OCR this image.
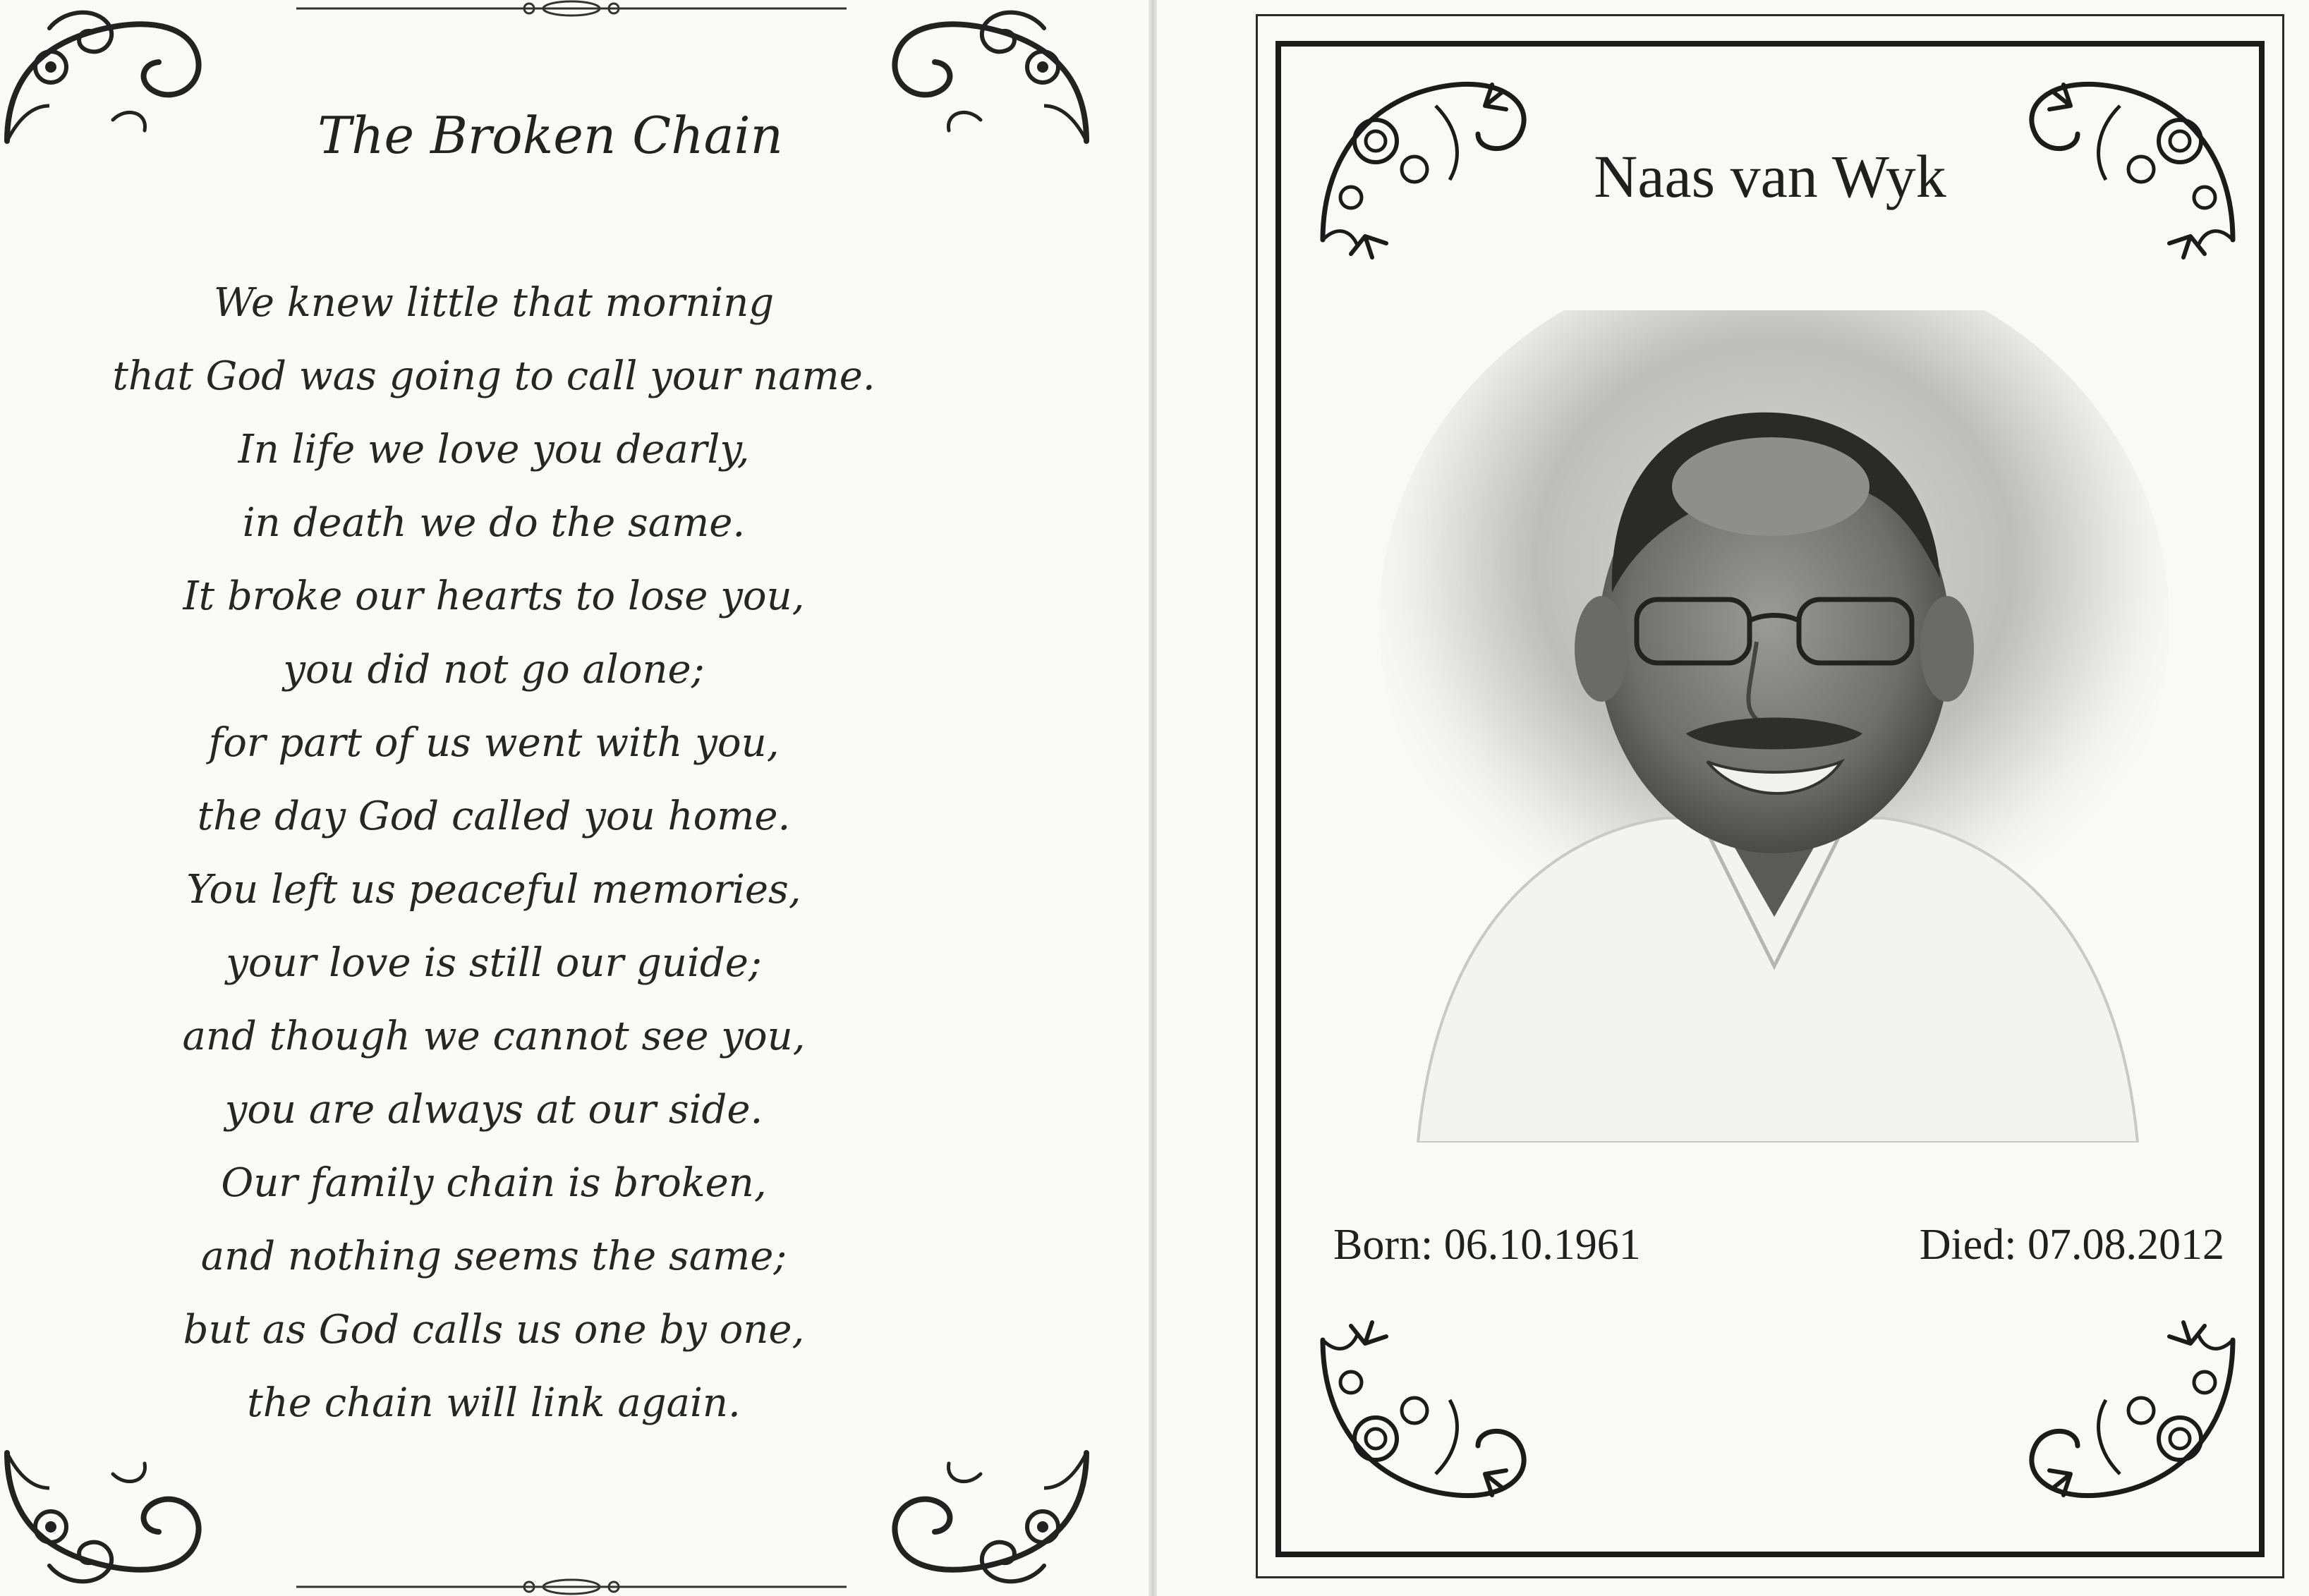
The Broken Chain
We knew little that morning
that God was going to call your name.
In life we love you dearly,
in death we do the same.
It broke our hearts to lose you,
you did not go alone;
for part of us went with you,
the day God called you home.
You left us peaceful memories,
your love is still our guide;
and though we cannot see you,
you are always at our side.
Our family chain is broken,
and nothing seems the same;
but as God calls us one by one,
the chain will link again.
Naas van Wyk
Born: 06.10.1961	Died: 07.08.2012
